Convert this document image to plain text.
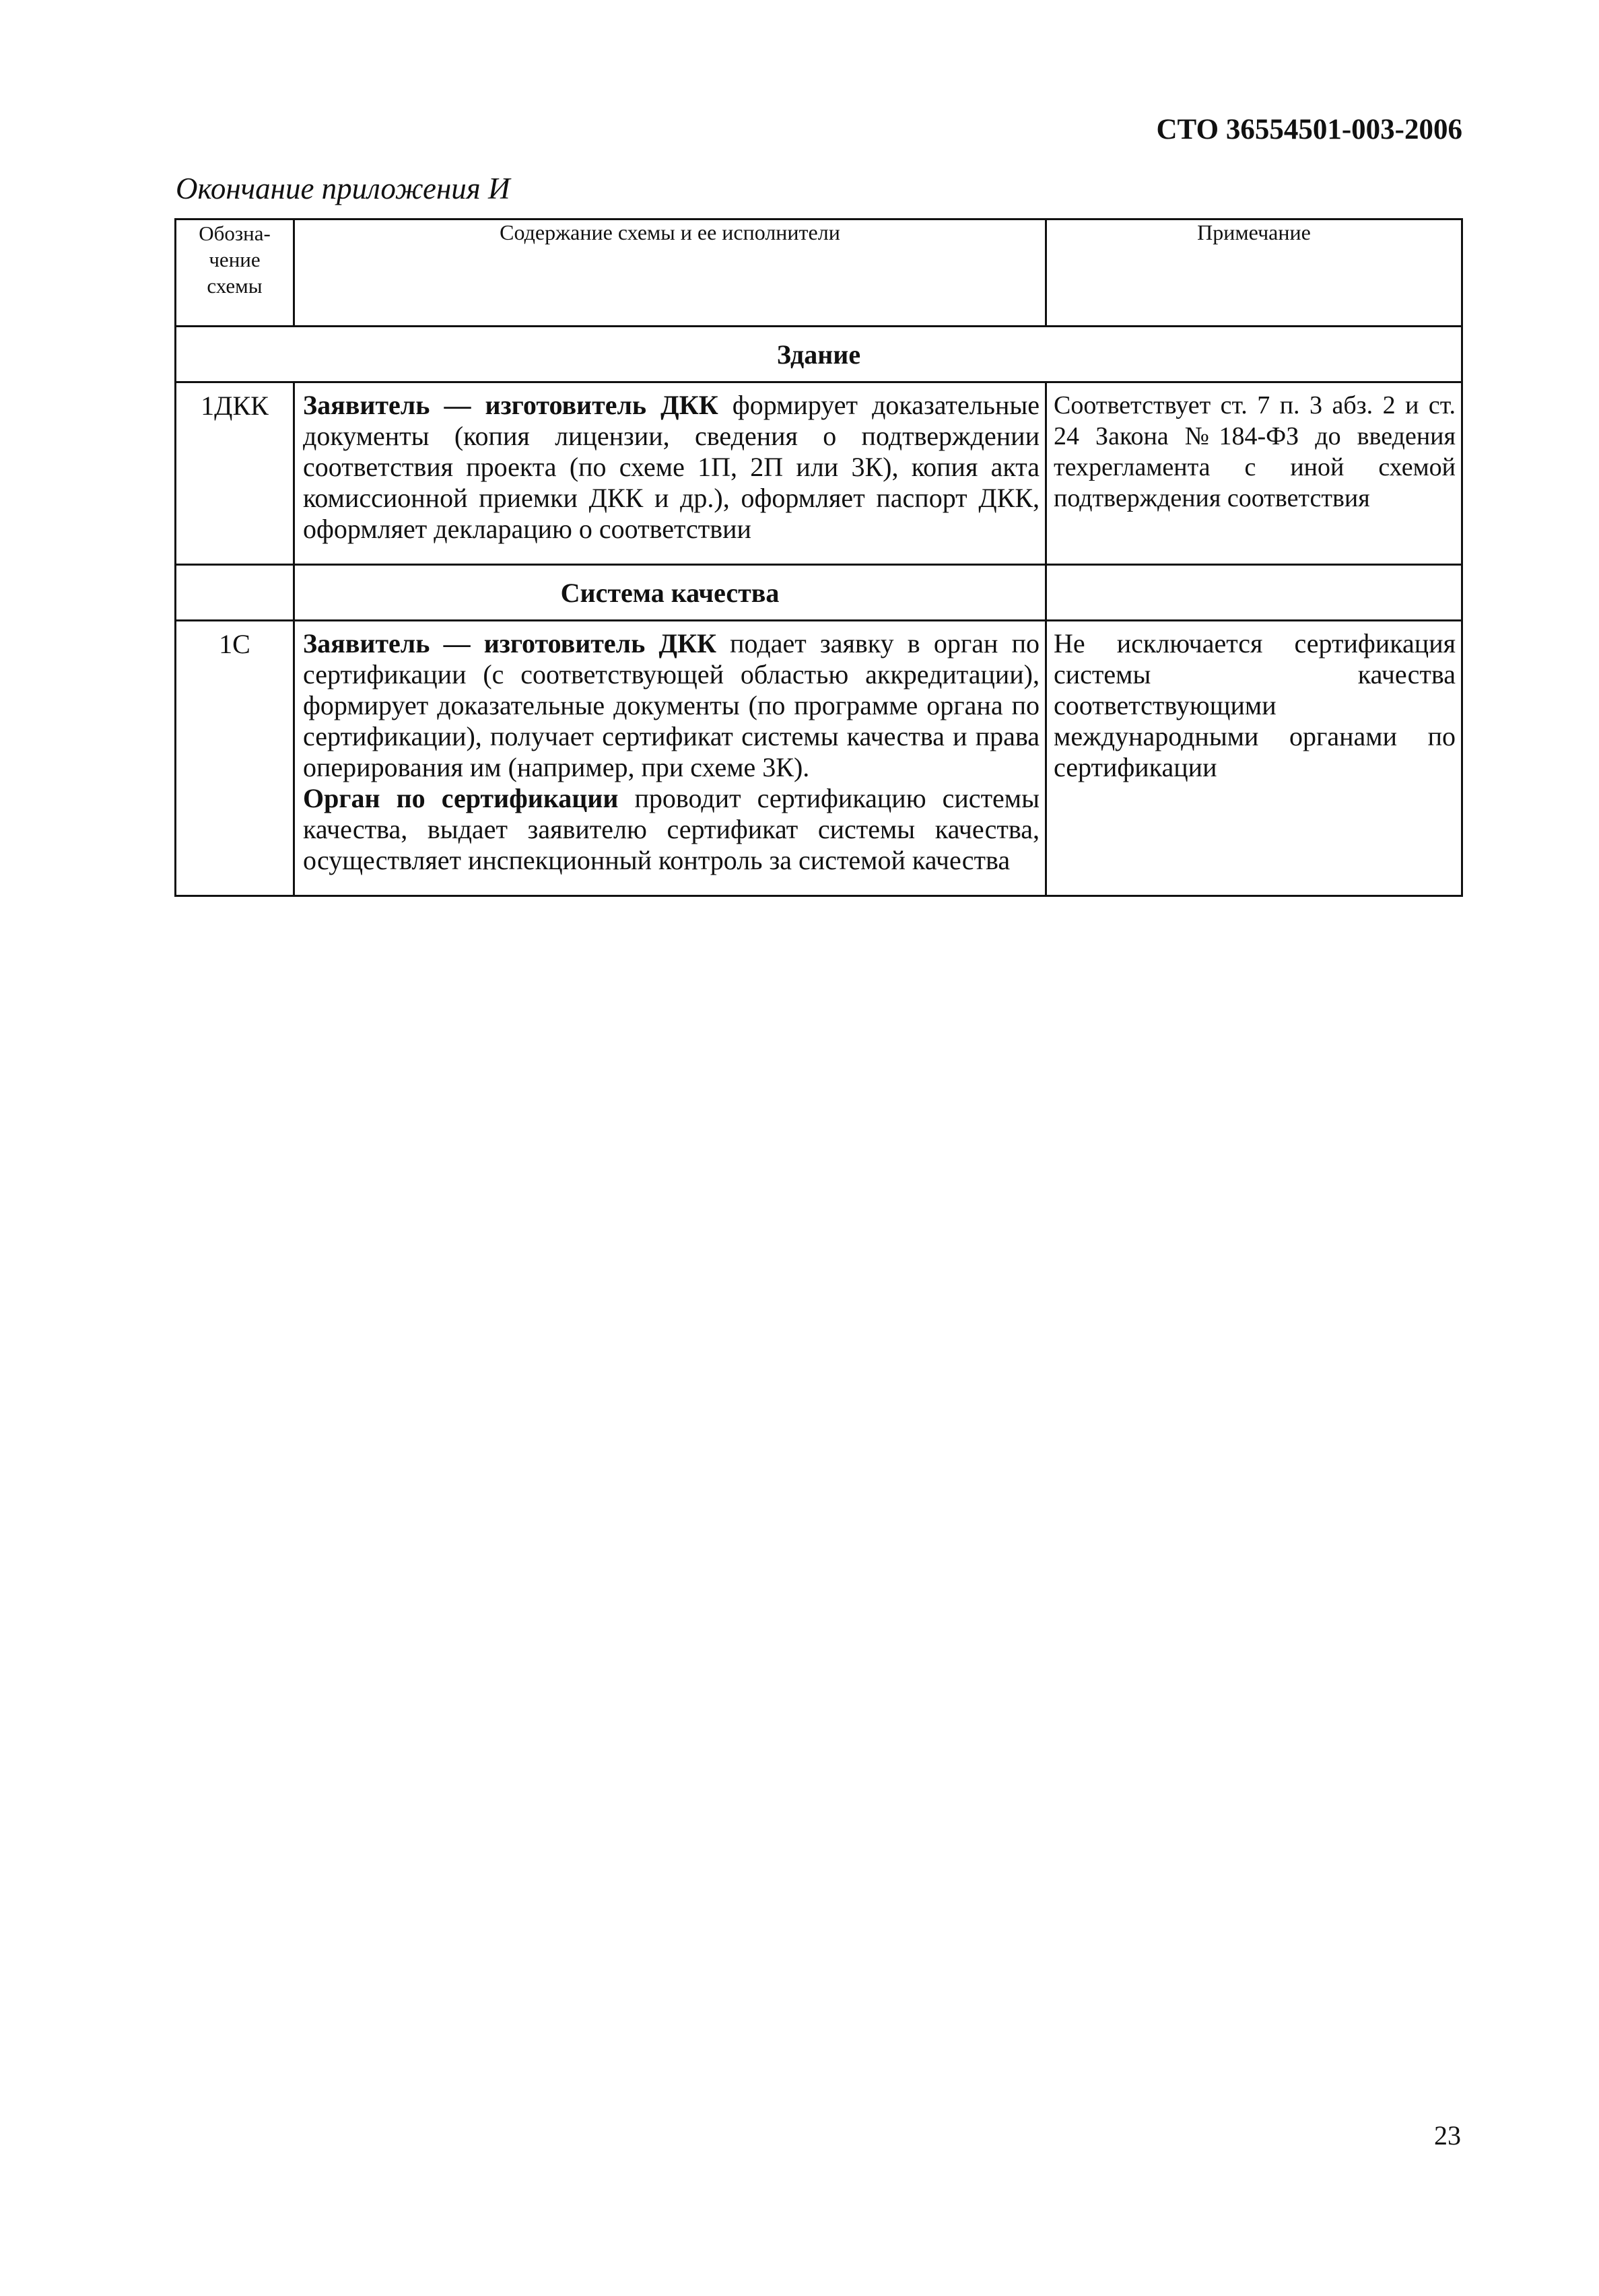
СТО 36554501-003-2006
Окончание приложения И
Обозна-
чение
схемы	Содержание схемы и ее исполнители	Примечание
Здание		
1ДКК	Заявитель — изготовитель ДКК формирует доказательные документы (копия лицензии, сведения о подтверждении соответствия проекта (по схеме 1П, 2П или 3К), копия акта комиссионной приемки ДКК и др.), оформляет паспорт ДКК, оформляет декларацию о соответствии	Соответствует ст. 7 п. 3 абз. 2 и ст. 24 Закона №184-ФЗ до введения техрегламента с иной схемой подтверждения соответствия
	Система качества	
1С	Заявитель — изготовитель ДКК подает заявку в орган по сертификации (с соответствующей областью аккредитации), формирует доказательные документы (по программе органа по сертификации), получает сертификат системы качества и права оперирования им (например, при схеме 3К).
Орган по сертификации проводит сертификацию системы качества, выдает заявителю сертификат системы качества, осуществляет инспекционный контроль за системой качества	Не исключается сертификация системы качества соответствующими международными органами по сертификации
23
